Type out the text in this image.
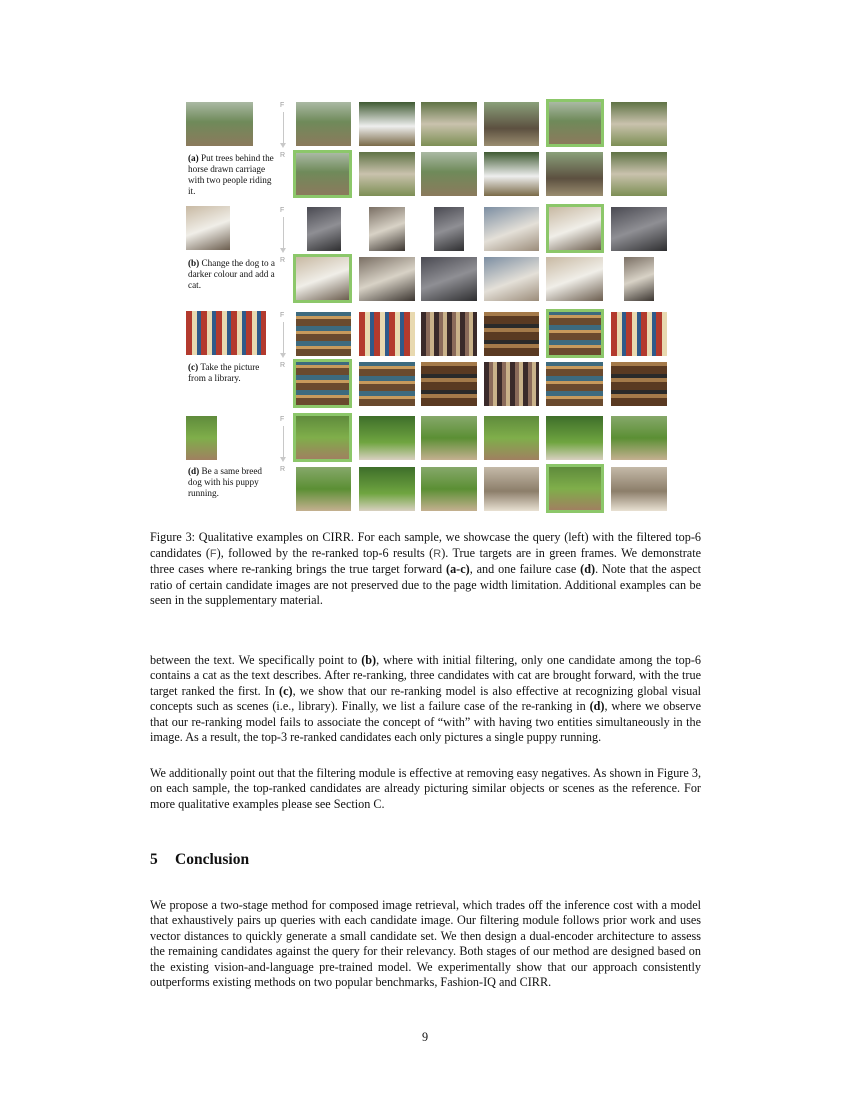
(a) Put trees behind the horse drawn carriage with two people riding it.
F
R
(b) Change the dog to a darker colour and add a cat.
F
R
(c) Take the picture from a library.
F
R
(d) Be a same breed dog with his puppy running.
F
R
Figure 3: Qualitative examples on CIRR. For each sample, we showcase the query (left) with the filtered top-6 candidates (F), followed by the re-ranked top-6 results (R). True targets are in green frames. We demonstrate three cases where re-ranking brings the true target forward (a-c), and one failure case (d). Note that the aspect ratio of certain candidate images are not preserved due to the page width limitation. Additional examples can be seen in the supplementary material.
between the text. We specifically point to (b), where with initial filtering, only one candidate among the top-6 contains a cat as the text describes. After re-ranking, three candidates with cat are brought forward, with the true target ranked the first. In (c), we show that our re-ranking model is also effective at recognizing global visual concepts such as scenes (i.e., library). Finally, we list a failure case of the re-ranking in (d), where we observe that our re-ranking model fails to associate the concept of “with” with having two entities simultaneously in the image. As a result, the top-3 re-ranked candidates each only pictures a single puppy running.
We additionally point out that the filtering module is effective at removing easy negatives. As shown in Figure 3, on each sample, the top-ranked candidates are already picturing similar objects or scenes as the reference. For more qualitative examples please see Section C.
5 Conclusion
We propose a two-stage method for composed image retrieval, which trades off the inference cost with a model that exhaustively pairs up queries with each candidate image. Our filtering module follows prior work and uses vector distances to quickly generate a small candidate set. We then design a dual-encoder architecture to assess the remaining candidates against the query for their relevancy. Both stages of our method are designed based on the existing vision-and-language pre-trained model. We experimentally show that our approach consistently outperforms existing methods on two popular benchmarks, Fashion-IQ and CIRR.
9
